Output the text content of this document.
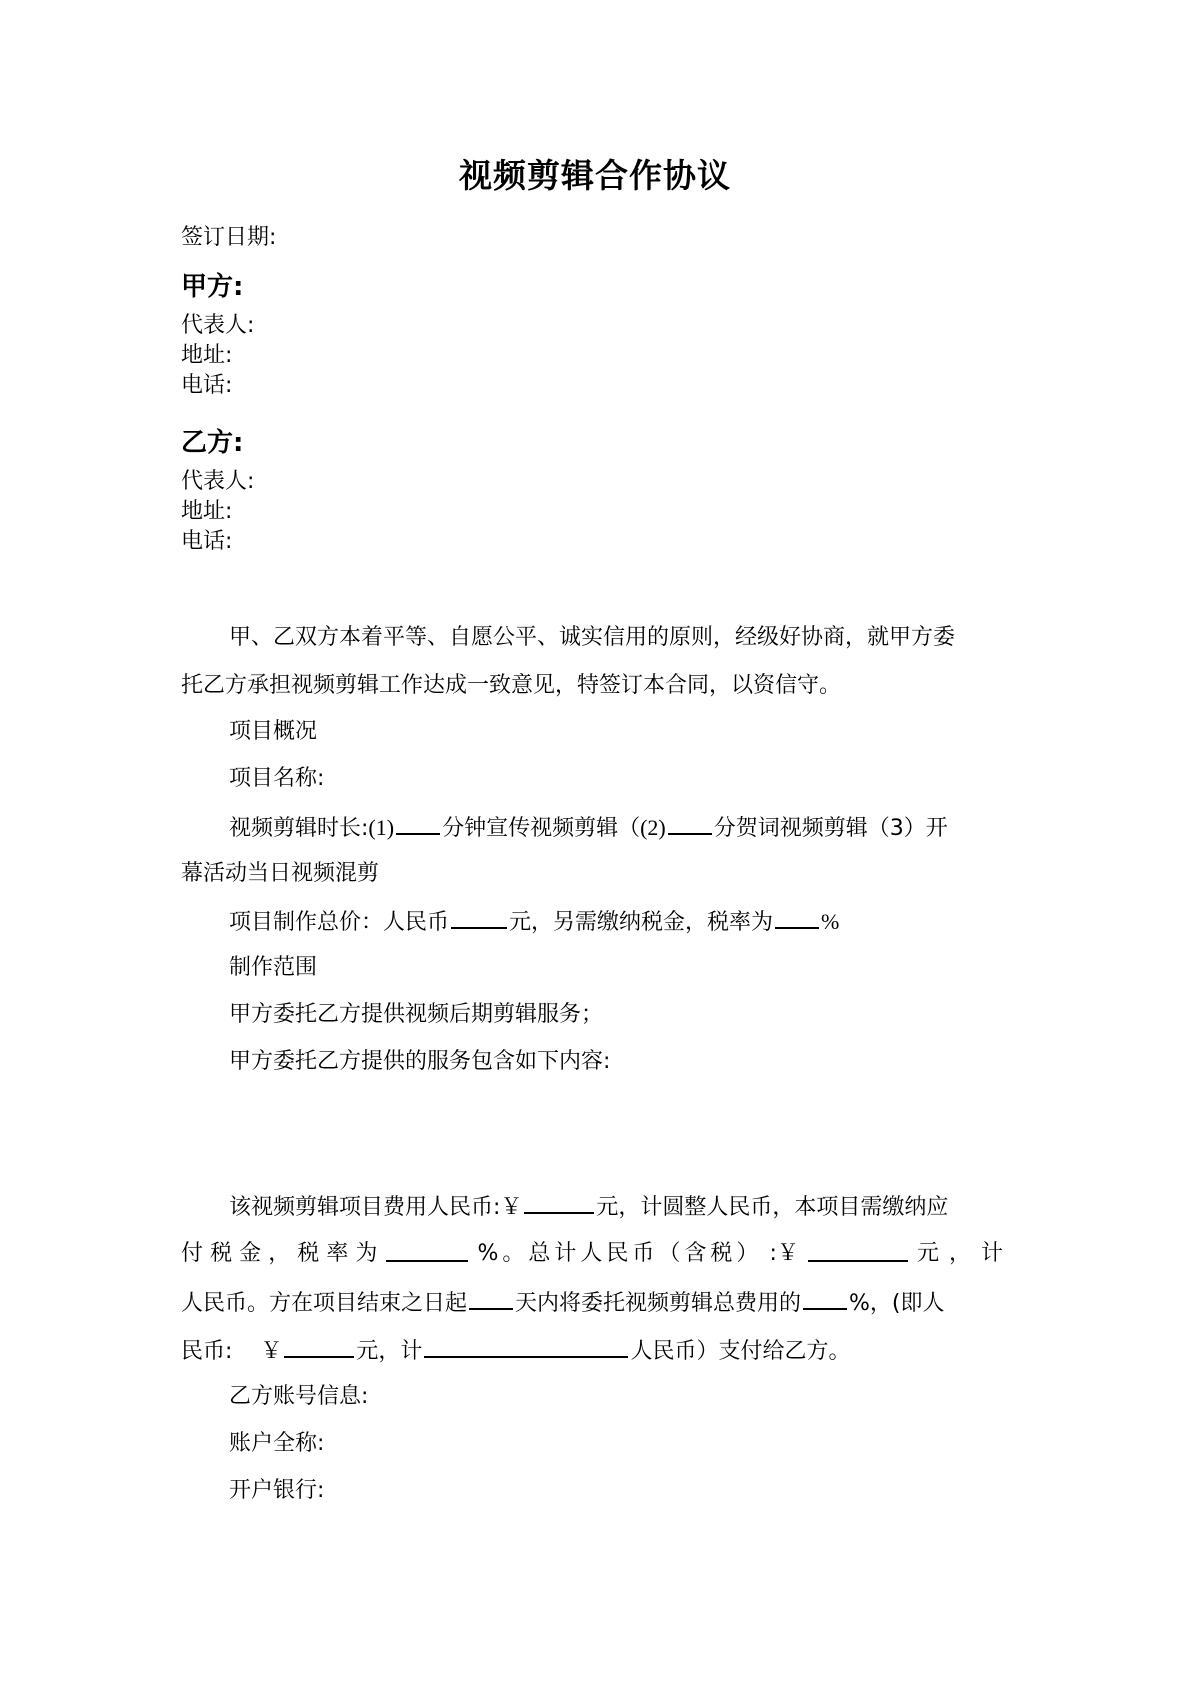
视频剪辑合作协议
签订日期:
甲方:
代表人:
地址:
电话:
乙方:
代表人:
地址:
电话:
甲、乙双方本着平等、自愿公平、诚实信用的原则，经级好协商，就甲方委
托乙方承担视频剪辑工作达成一致意见，特签订本合同，以资信守。
项目概况
项目名称:
视频剪辑时长:(1) 分钟宣传视频剪辑（(2) 分贺词视频剪辑（3）开
幕活动当日视频混剪
项目制作总价：人民币	元，另需缴纳税金，税率为 %
制作范围
甲方委托乙方提供视频后期剪辑服务；
甲方委托乙方提供的服务包含如下内容:
该视频剪辑项目费用人民币:￥	元，计圆整人民币，本项目需缴纳应
付 税 金 ， 税 率 为	%。总计人民币（含税） :￥	元，计
人民币。方在项目结束之日起 天内将委托视频剪辑总费用的 %，(即人
民币: ￥	元，计	人民币）支付给乙方。
乙方账号信息:
账户全称:
开户银行:
